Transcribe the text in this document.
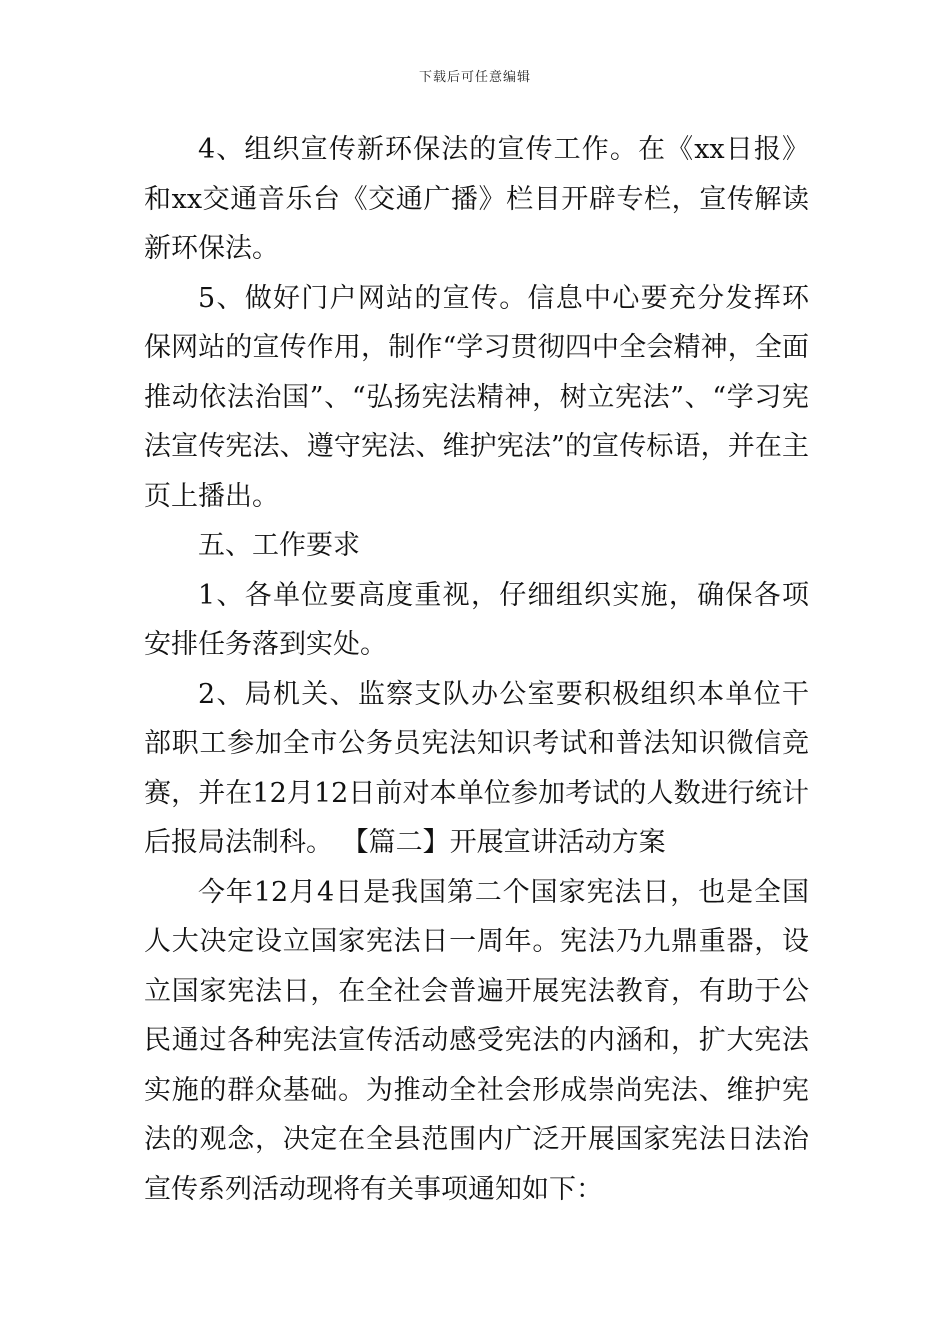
下载后可任意编辑

4、组织宣传新环保法的宣传工作。在《xx日报》和xx交通音乐台《交通广播》栏目开辟专栏，宣传解读新环保法。

5、做好门户网站的宣传。信息中心要充分发挥环保网站的宣传作用，制作“学习贯彻四中全会精神，全面推动依法治国”、“弘扬宪法精神，树立宪法”、“学习宪法宣传宪法、遵守宪法、维护宪法”的宣传标语，并在主页上播出。

五、工作要求

1、各单位要高度重视，仔细组织实施，确保各项安排任务落到实处。

2、局机关、监察支队办公室要积极组织本单位干部职工参加全市公务员宪法知识考试和普法知识微信竞赛，并在12月12日前对本单位参加考试的人数进行统计后报局法制科。 【篇二】开展宣讲活动方案

今年12月4日是我国第二个国家宪法日，也是全国人大决定设立国家宪法日一周年。宪法乃九鼎重器，设立国家宪法日，在全社会普遍开展宪法教育，有助于公民通过各种宪法宣传活动感受宪法的内涵和，扩大宪法实施的群众基础。为推动全社会形成崇尚宪法、维护宪法的观念，决定在全县范围内广泛开展国家宪法日法治宣传系列活动现将有关事项通知如下：
